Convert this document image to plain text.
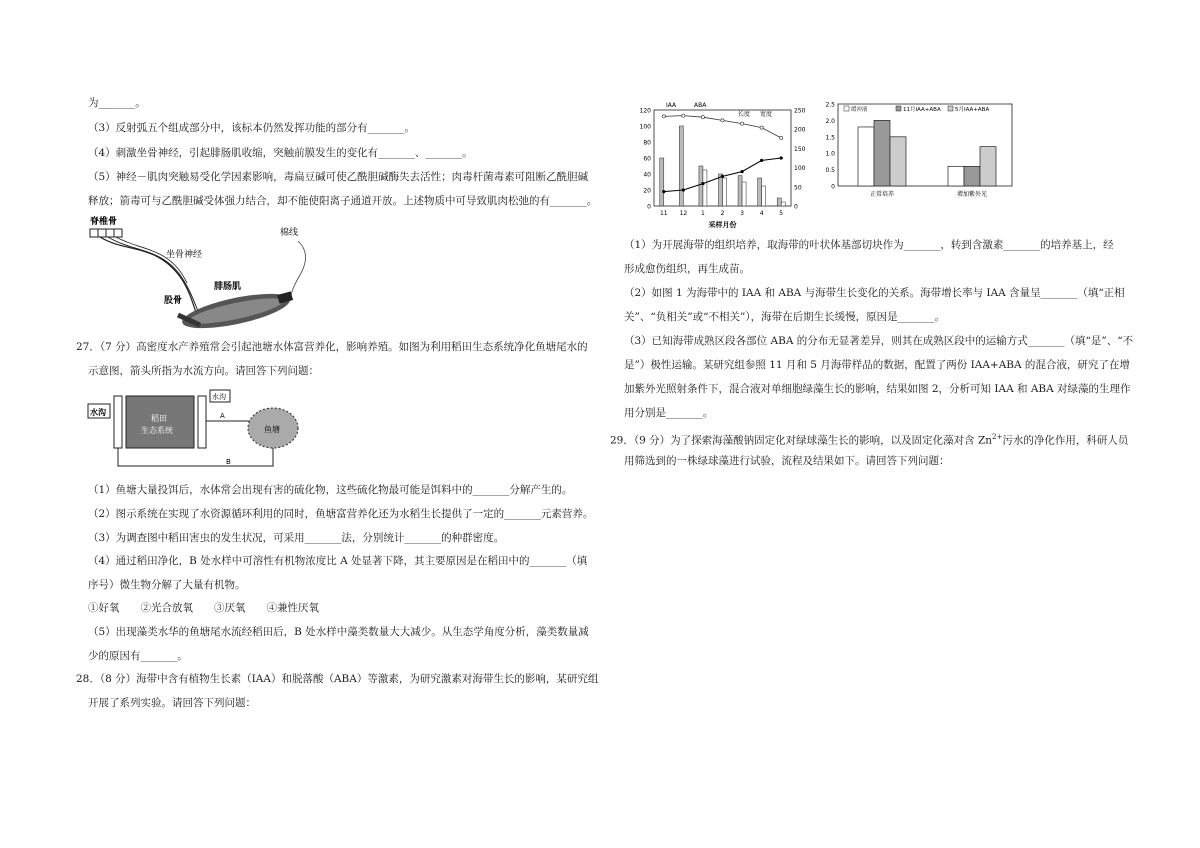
为_______。
（3）反射弧五个组成部分中，该标本仍然发挥功能的部分有_______。
（4）刺激坐骨神经，引起腓肠肌收缩，突触前膜发生的变化有_______、_______。
（5）神经－肌肉突触易受化学因素影响，毒扁豆碱可使乙酰胆碱酶失去活性；肉毒杆菌毒素可阻断乙酰胆碱
释放；箭毒可与乙酰胆碱受体强力结合，却不能使阳离子通道开放。上述物质中可导致肌肉松弛的有_______。
脊椎骨
坐骨神经
棉线
腓肠肌
股骨
27．（7 分）高密度水产养殖常会引起池塘水体富营养化，影响养殖。如图为利用稻田生态系统净化鱼塘尾水的
示意图，箭头所指为水流方向。请回答下列问题：
水沟
稻田
生态系统
水沟
A
鱼塘
B
（1）鱼塘大量投饵后，水体常会出现有害的硫化物，这些硫化物最可能是饵料中的_______分解产生的。
（2）图示系统在实现了水资源循环利用的同时，鱼塘富营养化还为水稻生长提供了一定的_______元素营养。
（3）为调查图中稻田害虫的发生状况，可采用_______法，分别统计_______的种群密度。
（4）通过稻田净化，B 处水样中可溶性有机物浓度比 A 处显著下降，其主要原因是在稻田中的_______（填
序号）微生物分解了大量有机物。
①好氧　　②光合放氧　　③厌氧　　④兼性厌氧
（5）出现藻类水华的鱼塘尾水流经稻田后，B 处水样中藻类数量大大减少。从生态学角度分析，藻类数量减
少的原因有_______。
28．（8 分）海带中含有植物生长素（IAA）和脱落酸（ABA）等激素，为研究激素对海带生长的影响，某研究组
开展了系列实验。请回答下列问题：
0
20
40
60
80
100
120
0
50
100
150
200
250
11 12 1	2	3	4	5
采样月份
IAA	ABA
长度 宽度
0
0.5
1.0
1.5
2.0
2.5
正常培养	增加紫外光
缓冲液	11月IAA+ABA	5月IAA+ABA
（1）为开展海带的组织培养，取海带的叶状体基部切块作为_______，转到含激素_______的培养基上，经
形成愈伤组织，再生成苗。
（2）如图 1 为海带中的 IAA 和 ABA 与海带生长变化的关系。海带增长率与 IAA 含量呈_______（填“正相
关”、“负相关”或“不相关”），海带在后期生长缓慢，原因是_______。
（3）已知海带成熟区段各部位 ABA 的分布无显著差异，则其在成熟区段中的运输方式_______（填“是”、“不
是”）极性运输。某研究组参照 11 月和 5 月海带样品的数据，配置了两份 IAA+ABA 的混合液，研究了在增
加紫外光照射条件下，混合液对单细胞绿藻生长的影响，结果如图 2，分析可知 IAA 和 ABA 对绿藻的生理作
用分别是_______。
29．（9 分）为了探索海藻酸钠固定化对绿球藻生长的影响，以及固定化藻对含 $Zn^{2+}$污水的净化作用，科研人员
用筛选到的一株绿球藻进行试验，流程及结果如下。请回答下列问题：
